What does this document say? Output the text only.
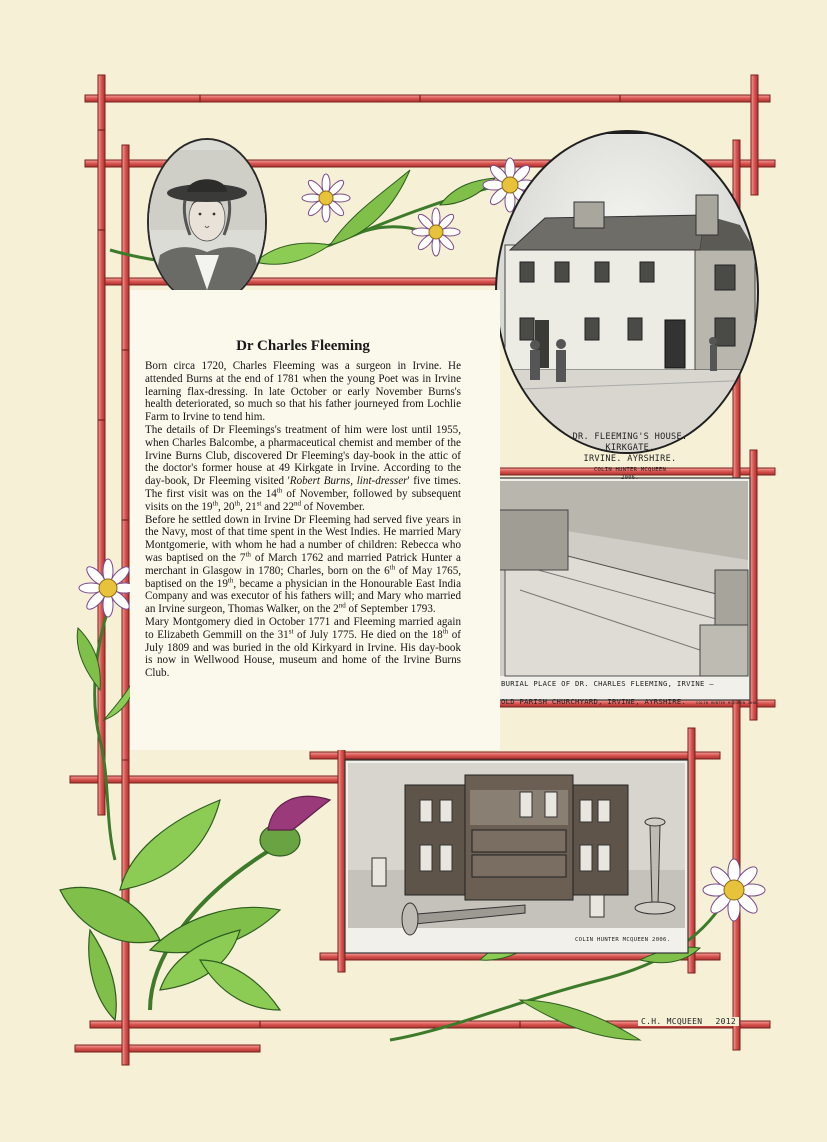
Dr Charles Fleeming

Born circa 1720, Charles Fleeming was a surgeon in Irvine. He attended Burns at the end of 1781 when the young Poet was in Irvine learning flax-dressing. In late October or early November Burns's health deteriorated, so much so that his father journeyed from Lochlie Farm to Irvine to tend him.

The details of Dr Fleemings's treatment of him were lost until 1955, when Charles Balcombe, a pharmaceutical chemist and member of the Irvine Burns Club, discovered Dr Fleeming's day-book in the attic of the doctor's former house at 49 Kirkgate in Irvine. According to the day-book, Dr Fleeming visited 'Robert Burns, lint-dresser' five times. The first visit was on the 14th of November, followed by subsequent visits on the 19th, 20th, 21st and 22nd of November.

Before he settled down in Irvine Dr Fleeming had served five years in the Navy, most of that time spent in the West Indies. He married Mary Montgomerie, with whom he had a number of children: Rebecca who was baptised on the 7th of March 1762 and married Patrick Hunter a merchant in Glasgow in 1780; Charles, born on the 6th of May 1765, baptised on the 19th, became a physician in the Honourable East India Company and was executor of his fathers will; and Mary who married an Irvine surgeon, Thomas Walker, on the 2nd of September 1793.

Mary Montgomery died in October 1771 and Fleeming married again to Elizabeth Gemmill on the 31st of July 1775. He died on the 18th of July 1809 and was buried in the old Kirkyard in Irvine. His day-book is now in Wellwood House, museum and home of the Irvine Burns Club.

DR. FLEEMING'S HOUSE.
KIRKGATE.
IRVINE. AYRSHIRE.
COLIN HUNTER MCQUEEN
2006.
BURIAL PLACE OF DR. CHARLES FLEEMING, IRVINE —
OLD PARISH CHURCHYARD, IRVINE, AYRSHIRE.	COLIN HUNTER MCQUEEN 2006.
COLIN HUNTER MCQUEEN 2006.
C.H. MCQUEEN 2012
